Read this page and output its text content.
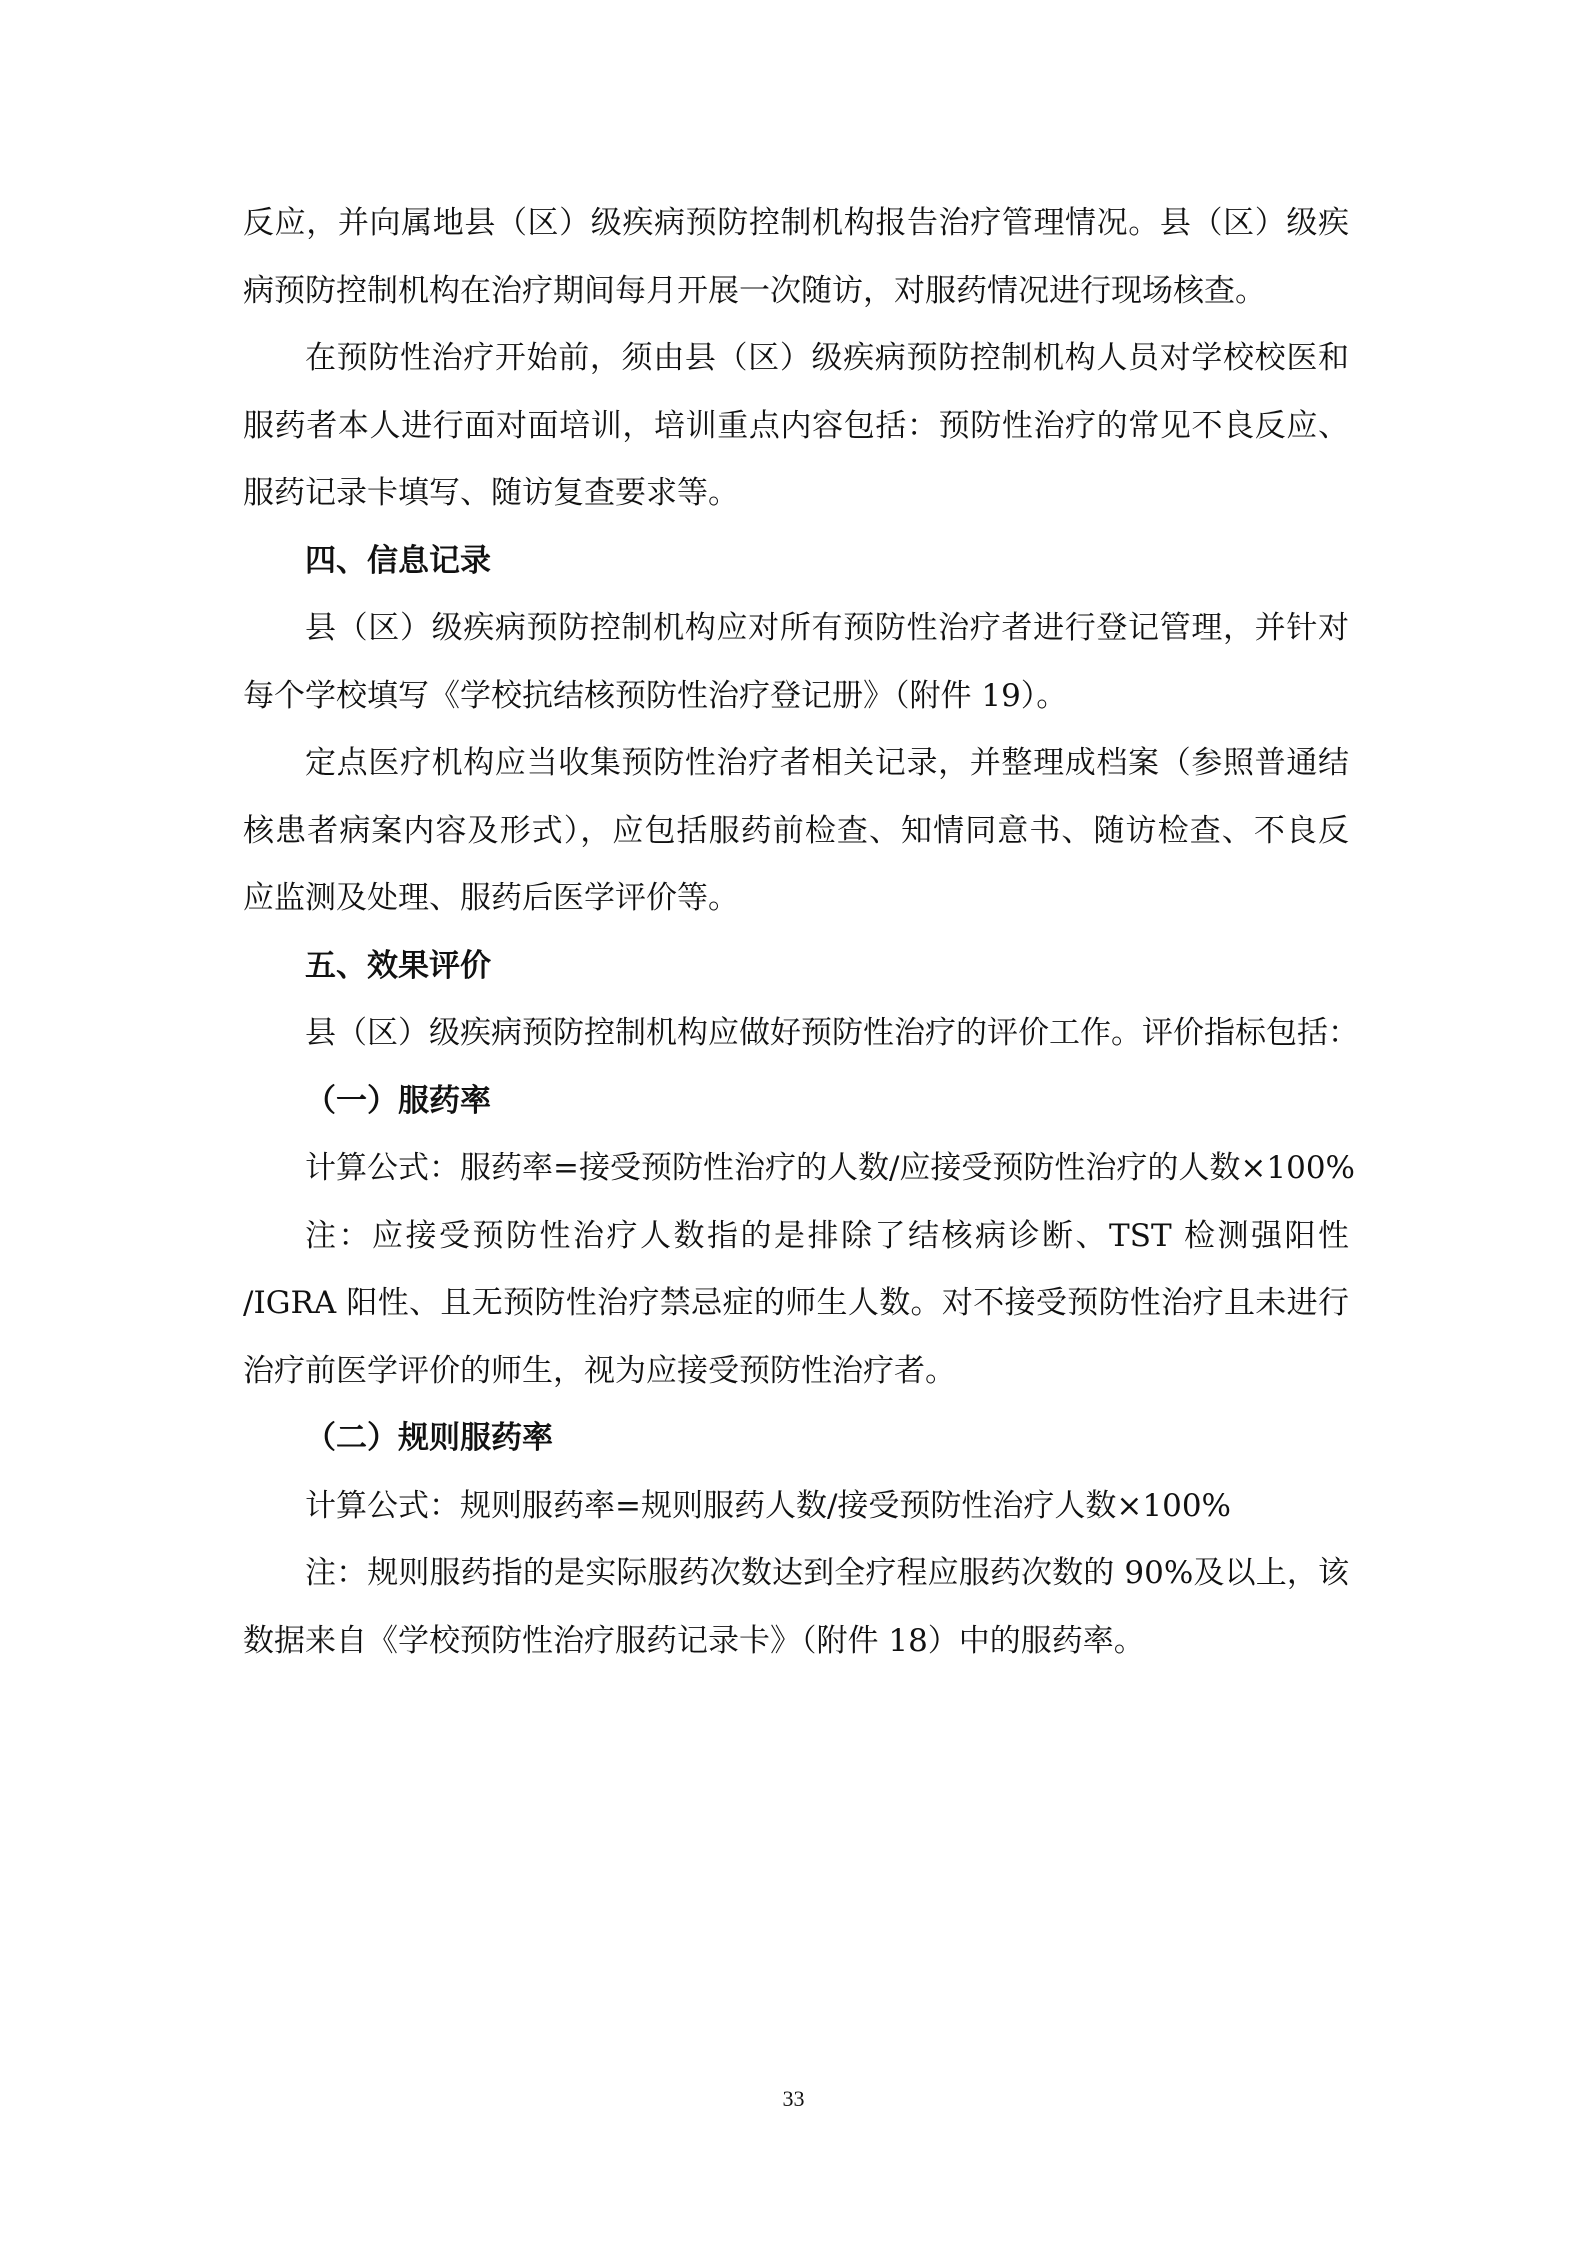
反应，并向属地县（区）级疾病预防控制机构报告治疗管理情况。县（区）级疾
病预防控制机构在治疗期间每月开展一次随访，对服药情况进行现场核查。
在预防性治疗开始前，须由县（区）级疾病预防控制机构人员对学校校医和
服药者本人进行面对面培训，培训重点内容包括：预防性治疗的常见不良反应、
服药记录卡填写、随访复查要求等。
四、信息记录
县（区）级疾病预防控制机构应对所有预防性治疗者进行登记管理，并针对
每个学校填写《学校抗结核预防性治疗登记册》（附件 19）。
定点医疗机构应当收集预防性治疗者相关记录，并整理成档案（参照普通结
核患者病案内容及形式），应包括服药前检查、知情同意书、随访检查、不良反
应监测及处理、服药后医学评价等。
五、效果评价
县（区）级疾病预防控制机构应做好预防性治疗的评价工作。评价指标包括：
（一）服药率
计算公式：服药率=接受预防性治疗的人数/应接受预防性治疗的人数×100%
注：应接受预防性治疗人数指的是排除了结核病诊断、TST 检测强阳性
/IGRA 阳性、且无预防性治疗禁忌症的师生人数。对不接受预防性治疗且未进行
治疗前医学评价的师生，视为应接受预防性治疗者。
（二）规则服药率
计算公式：规则服药率=规则服药人数/接受预防性治疗人数×100%
注：规则服药指的是实际服药次数达到全疗程应服药次数的 90%及以上，该
数据来自《学校预防性治疗服药记录卡》（附件 18）中的服药率。
33
